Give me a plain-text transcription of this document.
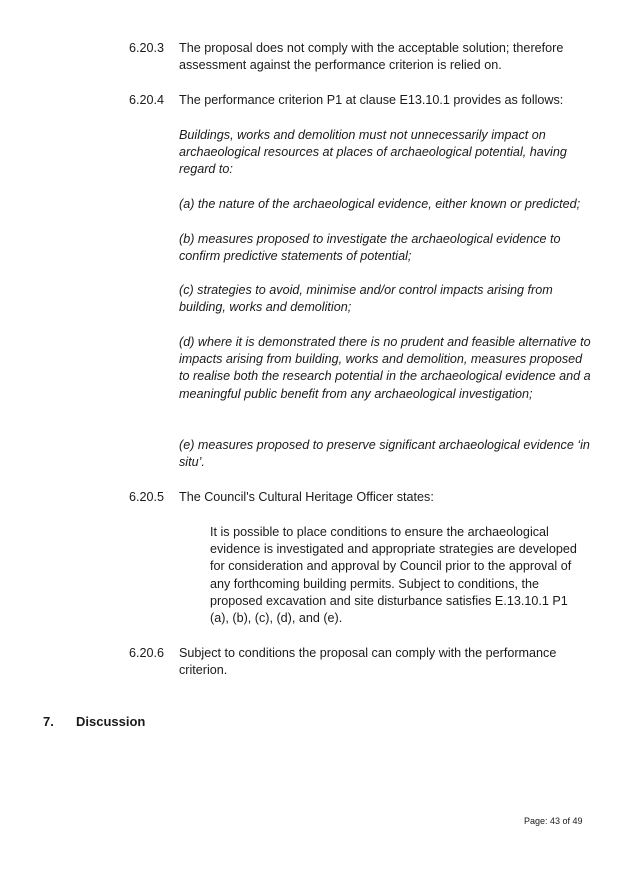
6.20.3 The proposal does not comply with the acceptable solution; therefore assessment against the performance criterion is relied on.
6.20.4 The performance criterion P1 at clause E13.10.1 provides as follows:
Buildings, works and demolition must not unnecessarily impact on archaeological resources at places of archaeological potential, having regard to:
(a) the nature of the archaeological evidence, either known or predicted;
(b) measures proposed to investigate the archaeological evidence to confirm predictive statements of potential;
(c) strategies to avoid, minimise and/or control impacts arising from building, works and demolition;
(d) where it is demonstrated there is no prudent and feasible alternative to impacts arising from building, works and demolition, measures proposed to realise both the research potential in the archaeological evidence and a meaningful public benefit from any archaeological investigation;
(e) measures proposed to preserve significant archaeological evidence ‘in situ’.
6.20.5 The Council's Cultural Heritage Officer states:
It is possible to place conditions to ensure the archaeological evidence is investigated and appropriate strategies are developed for consideration and approval by Council prior to the approval of any forthcoming building permits. Subject to conditions, the proposed excavation and site disturbance satisfies E.13.10.1 P1 (a), (b), (c), (d), and (e).
6.20.6 Subject to conditions the proposal can comply with the performance criterion.
7. Discussion
Page: 43 of 49
